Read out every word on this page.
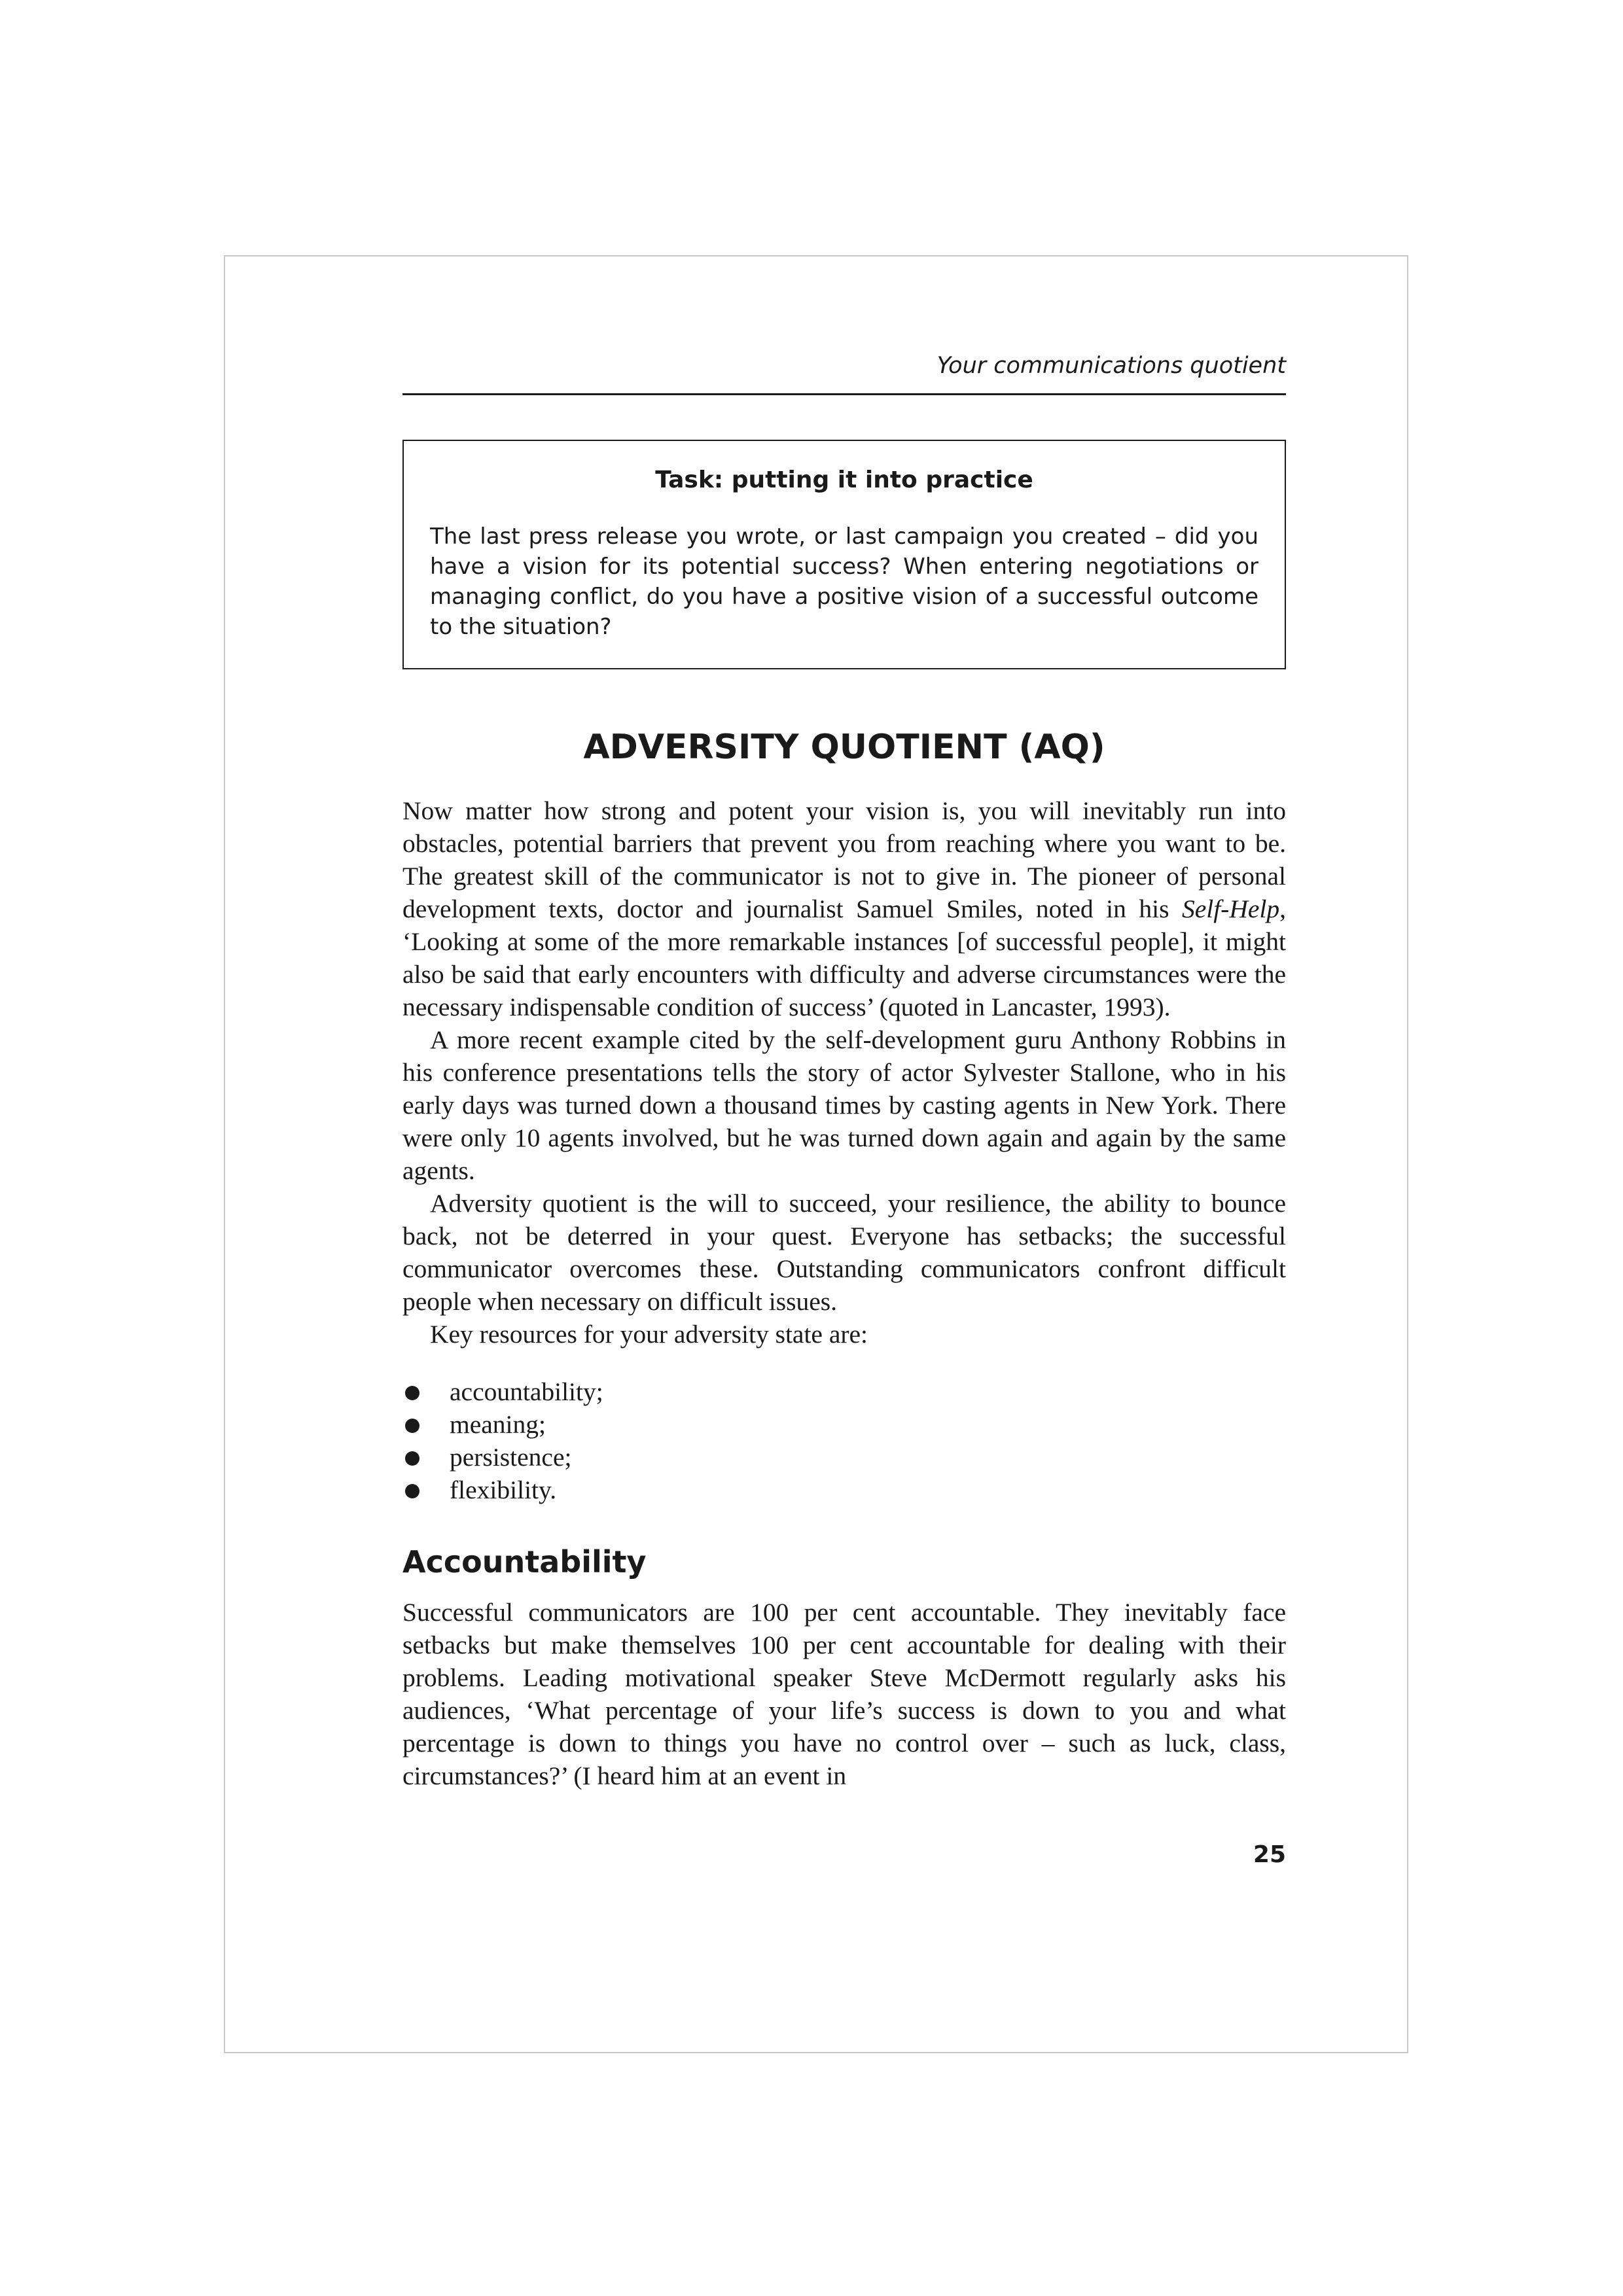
Your communications quotient

Task: putting it into practice

The last press release you wrote, or last campaign you created – did you have a vision for its potential success? When entering negotiations or managing conflict, do you have a positive vision of a successful outcome to the situation?

ADVERSITY QUOTIENT (AQ)

Now matter how strong and potent your vision is, you will inevitably run into obstacles, potential barriers that prevent you from reaching where you want to be. The greatest skill of the communicator is not to give in. The pioneer of personal development texts, doctor and journalist Samuel Smiles, noted in his Self-Help, ‘Looking at some of the more remarkable instances [of successful people], it might also be said that early encounters with difficulty and adverse circumstances were the necessary indispensable condition of success’ (quoted in Lancaster, 1993).

A more recent example cited by the self-development guru Anthony Robbins in his conference presentations tells the story of actor Sylvester Stallone, who in his early days was turned down a thousand times by casting agents in New York. There were only 10 agents involved, but he was turned down again and again by the same agents.

Adversity quotient is the will to succeed, your resilience, the ability to bounce back, not be deterred in your quest. Everyone has setbacks; the successful communicator overcomes these. Outstanding communicators confront difficult people when necessary on difficult issues.

Key resources for your adversity state are:

accountability;
meaning;
persistence;
flexibility.
Accountability

Successful communicators are 100 per cent accountable. They inevitably face setbacks but make themselves 100 per cent accountable for dealing with their problems. Leading motivational speaker Steve McDermott regularly asks his audiences, ‘What percentage of your life’s success is down to you and what percentage is down to things you have no control over – such as luck, class, circumstances?’ (I heard him at an event in

25
